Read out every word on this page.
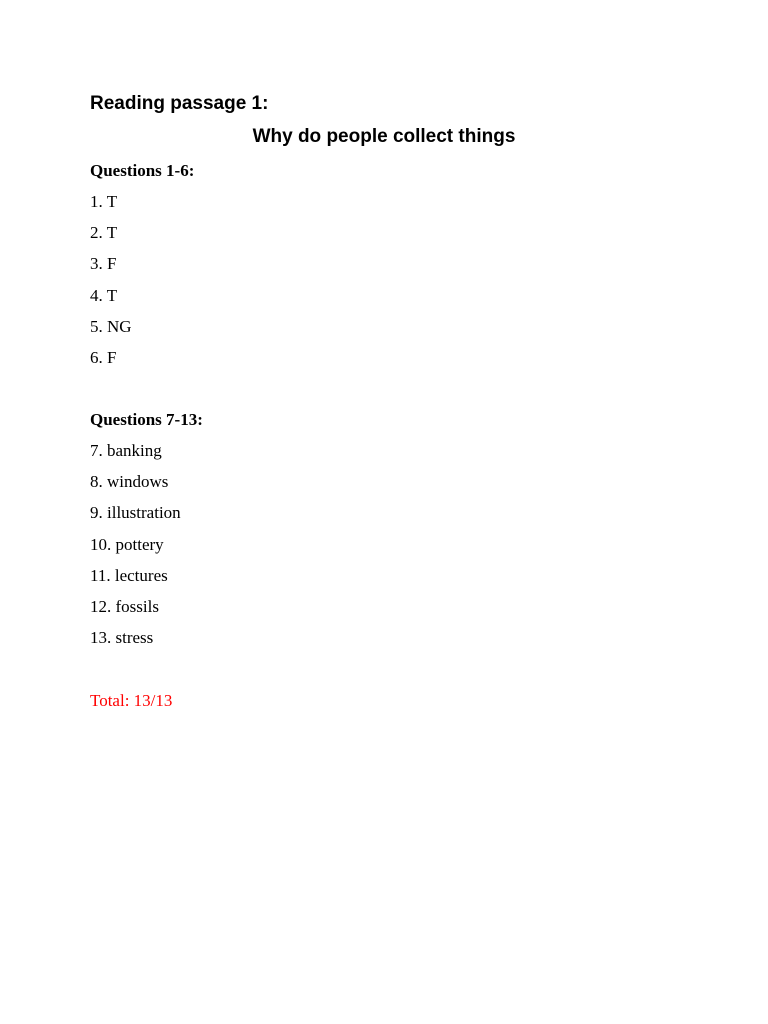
Reading passage 1:
Why do people collect things
Questions 1-6:
1. T
2. T
3. F
4. T
5. NG
6. F
Questions 7-13:
7. banking
8. windows
9. illustration
10. pottery
11. lectures
12. fossils
13. stress
Total: 13/13
